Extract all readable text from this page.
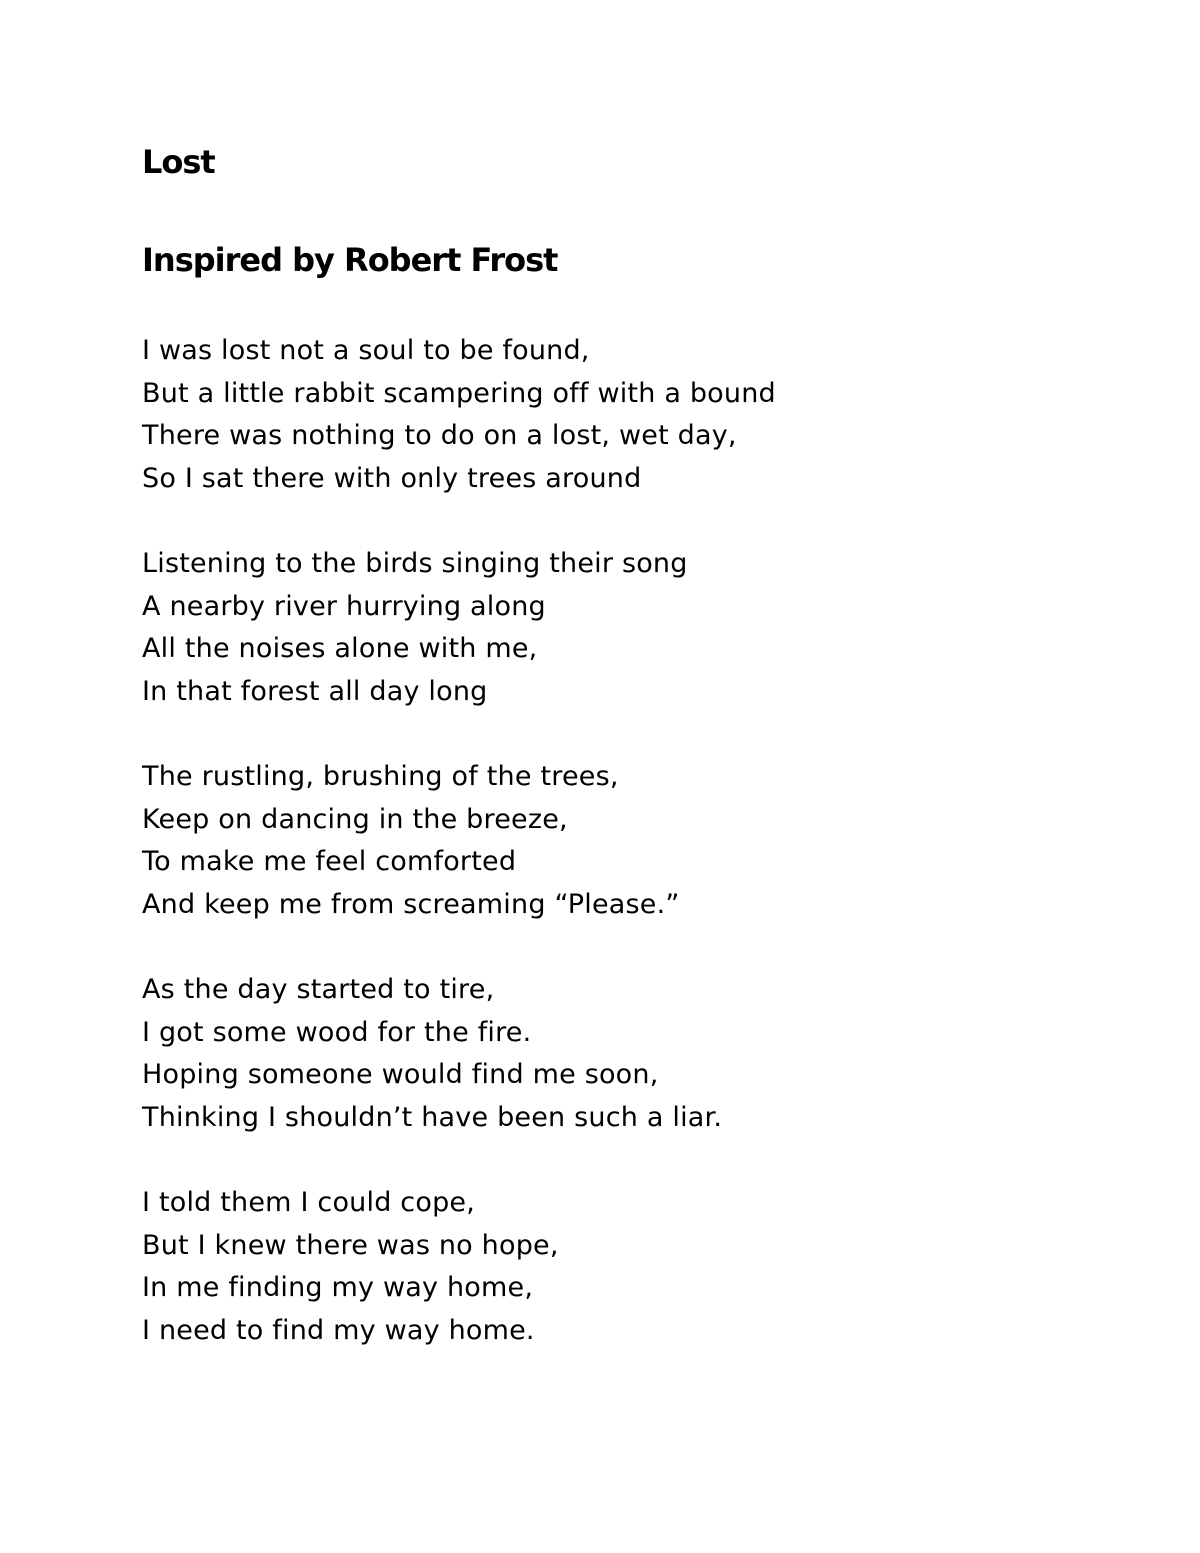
Lost
Inspired by Robert Frost
I was lost not a soul to be found,
But a little rabbit scampering off with a bound
There was nothing to do on a lost, wet day,
So I sat there with only trees around
Listening to the birds singing their song
A nearby river hurrying along
All the noises alone with me,
In that forest all day long
The rustling, brushing of the trees,
Keep on dancing in the breeze,
To make me feel comforted
And keep me from screaming “Please.”
As the day started to tire,
I got some wood for the fire.
Hoping someone would find me soon,
Thinking I shouldn’t have been such a liar.
I told them I could cope,
But I knew there was no hope,
In me finding my way home,
I need to find my way home.
